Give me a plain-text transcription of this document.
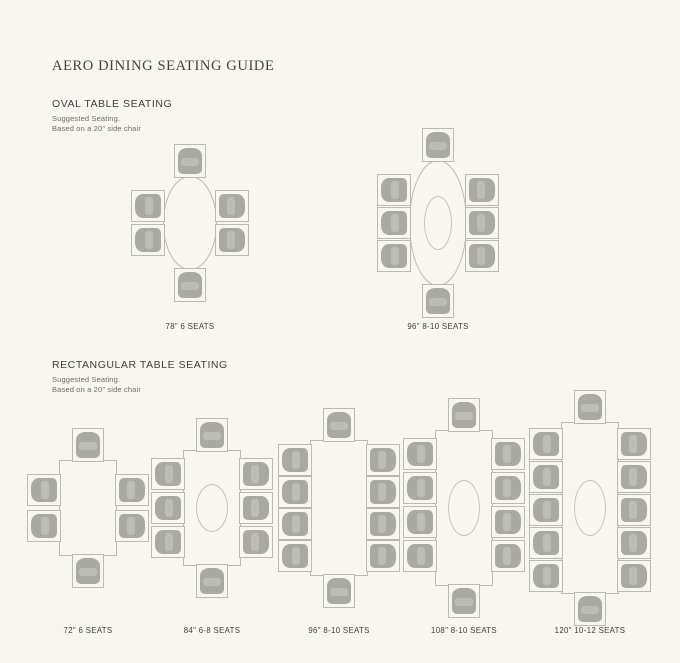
AERO DINING SEATING GUIDE
OVAL TABLE SEATING
Suggested Seating.
Based on a 20" side chair
78" 6 SEATS	96" 8-10 SEATS
RECTANGULAR TABLE SEATING
Suggested Seating.
Based on a 20" side chair
72" 6 SEATS	84" 6-8 SEATS	96" 8-10 SEATS	108" 8-10 SEATS	120" 10-12 SEATS
